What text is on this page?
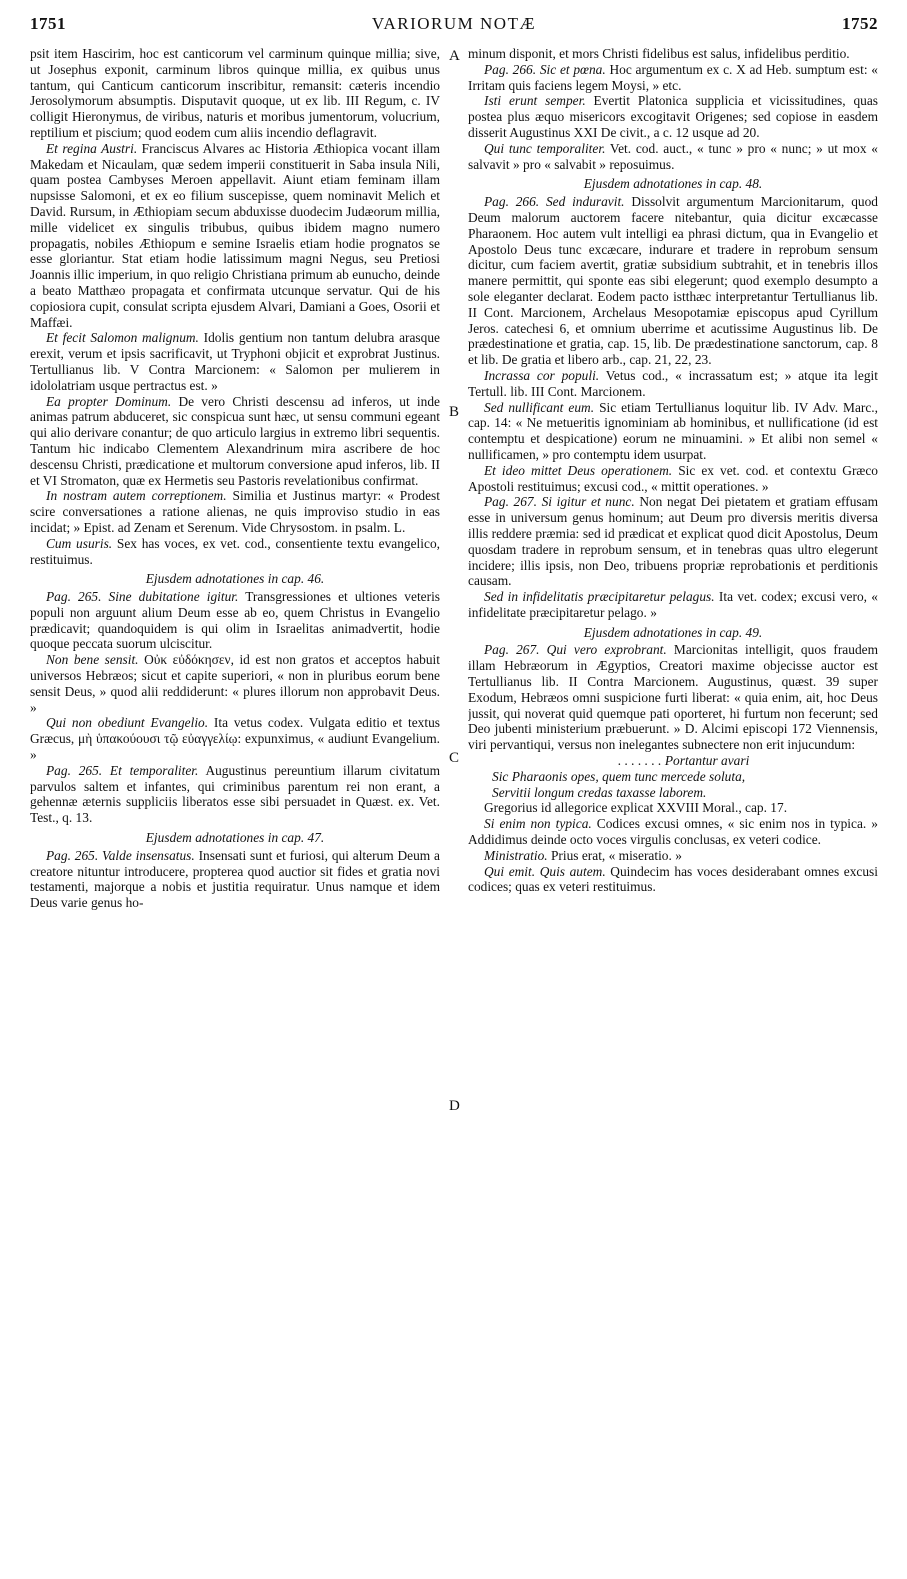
1751	VARIORUM NOTÆ	1752

psit item Hascirim, hoc est canticorum vel carminum quinque millia; sive, ut Josephus exponit, carminum libros quinque millia, ex quibus unus tantum, qui Canticum canticorum inscribitur, remansit: cæteris incendio Jerosolymorum absumptis. Disputavit quoque, ut ex lib. III Regum, c. IV colligit Hieronymus, de viribus, naturis et moribus jumentorum, volucrium, reptilium et piscium; quod eodem cum aliis incendio deflagravit.

Et regina Austri. Franciscus Alvares ac Historia Æthiopica vocant illam Makedam et Nicaulam, quæ sedem imperii constituerit in Saba insula Nili, quam postea Cambyses Meroen appellavit. Aiunt etiam feminam illam nupsisse Salomoni, et ex eo filium suscepisse, quem nominavit Melich et David. Rursum, in Æthiopiam secum abduxisse duodecim Judæorum millia, mille videlicet ex singulis tribubus, quibus ibidem magno numero propagatis, nobiles Æthiopum e semine Israelis etiam hodie prognatos se esse gloriantur. Stat etiam hodie latissimum magni Negus, seu Pretiosi Joannis illic imperium, in quo religio Christiana primum ab eunucho, deinde a beato Matthæo propagata et confirmata utcunque servatur. Qui de his copiosiora cupit, consulat scripta ejusdem Alvari, Damiani a Goes, Osorii et Maffæi.

Et fecit Salomon malignum. Idolis gentium non tantum delubra arasque erexit, verum et ipsis sacrificavit, ut Tryphoni objicit et exprobrat Justinus. Tertullianus lib. V Contra Marcionem: « Salomon per mulierem in idololatriam usque pertractus est. »

Ea propter Dominum. De vero Christi descensu ad inferos, ut inde animas patrum abduceret, sic conspicua sunt hæc, ut sensu communi egeant qui alio derivare conantur; de quo articulo largius in extremo libri sequentis. Tantum hic indicabo Clementem Alexandrinum mira ascribere de hoc descensu Christi, prædicatione et multorum conversione apud inferos, lib. II et VI Stromaton, quæ ex Hermetis seu Pastoris revelationibus confirmat.

In nostram autem correptionem. Similia et Justinus martyr: « Prodest scire conversationes a ratione alienas, ne quis improviso studio in eas incidat; » Epist. ad Zenam et Serenum. Vide Chrysostom. in psalm. L.

Cum usuris. Sex has voces, ex vet. cod., consentiente textu evangelico, restituimus.

Ejusdem adnotationes in cap. 46.

Pag. 265. Sine dubitatione igitur. Transgressiones et ultiones veteris populi non arguunt alium Deum esse ab eo, quem Christus in Evangelio prædicavit; quandoquidem is qui olim in Israelitas animadvertit, hodie quoque peccata suorum ulciscitur.

Non bene sensit. Οὐκ εὐδόκησεν, id est non gratos et acceptos habuit universos Hebræos; sicut et capite superiori, « non in pluribus eorum bene sensit Deus, » quod alii reddiderunt: « plures illorum non approbavit Deus. »

Qui non obediunt Evangelio. Ita vetus codex. Vulgata editio et textus Græcus, μὴ ὑπακούουσι τῷ εὐαγγελίῳ: expunximus, « audiunt Evangelium. »

Pag. 265. Et temporaliter. Augustinus pereuntium illarum civitatum parvulos saltem et infantes, qui criminibus parentum rei non erant, a gehennæ æternis suppliciis liberatos esse sibi persuadet in Quæst. ex. Vet. Test., q. 13.

Ejusdem adnotationes in cap. 47.

Pag. 265. Valde insensatus. Insensati sunt et furiosi, qui alterum Deum a creatore nituntur introducere, propterea quod auctior sit fides et gratia novi testamenti, majorque a nobis et justitia requiratur. Unus namque et idem Deus varie genus ho-

minum disponit, et mors Christi fidelibus est salus, infidelibus perditio.

Pag. 266. Sic et pœna. Hoc argumentum ex c. X ad Heb. sumptum est: « Irritam quis faciens legem Moysi, » etc.

Isti erunt semper. Evertit Platonica supplicia et vicissitudines, quas postea plus æquo misericors excogitavit Origenes; sed copiose in easdem disserit Augustinus XXI De civit., a c. 12 usque ad 20.

Qui tunc temporaliter. Vet. cod. auct., « tunc » pro « nunc; » ut mox « salvavit » pro « salvabit » reposuimus.

Ejusdem adnotationes in cap. 48.

Pag. 266. Sed induravit. Dissolvit argumentum Marcionitarum, quod Deum malorum auctorem facere nitebantur, quia dicitur excæcasse Pharaonem. Hoc autem vult intelligi ea phrasi dictum, qua in Evangelio et Apostolo Deus tunc excæcare, indurare et tradere in reprobum sensum dicitur, cum faciem avertit, gratiæ subsidium subtrahit, et in tenebris illos manere permittit, qui sponte eas sibi elegerunt; quod exemplo desumpto a sole eleganter declarat. Eodem pacto istthæc interpretantur Tertullianus lib. II Cont. Marcionem, Archelaus Mesopotamiæ episcopus apud Cyrillum Jeros. catechesi 6, et omnium uberrime et acutissime Augustinus lib. De prædestinatione et gratia, cap. 15, lib. De prædestinatione sanctorum, cap. 8 et lib. De gratia et libero arb., cap. 21, 22, 23.

Incrassa cor populi. Vetus cod., « incrassatum est; » atque ita legit Tertull. lib. III Cont. Marcionem.

Sed nullificant eum. Sic etiam Tertullianus loquitur lib. IV Adv. Marc., cap. 14: « Ne metueritis ignominiam ab hominibus, et nullificatione (id est contemptu et despicatione) eorum ne minuamini. » Et alibi non semel « nullificamen, » pro contemptu idem usurpat.

Et ideo mittet Deus operationem. Sic ex vet. cod. et contextu Græco Apostoli restituimus; excusi cod., « mittit operationes. »

Pag. 267. Si igitur et nunc. Non negat Dei pietatem et gratiam effusam esse in universum genus hominum; aut Deum pro diversis meritis diversa illis reddere præmia: sed id prædicat et explicat quod dicit Apostolus, Deum quosdam tradere in reprobum sensum, et in tenebras quas ultro elegerunt incidere; illis ipsis, non Deo, tribuens propriæ reprobationis et perditionis causam.

Sed in infidelitatis præcipitaretur pelagus. Ita vet. codex; excusi vero, « infidelitate præcipitaretur pelago. »

Ejusdem adnotationes in cap. 49.

Pag. 267. Qui vero exprobrant. Marcionitas intelligit, quos fraudem illam Hebræorum in Ægyptios, Creatori maxime objecisse auctor est Tertullianus lib. II Contra Marcionem. Augustinus, quæst. 39 super Exodum, Hebræos omni suspicione furti liberat: « quia enim, ait, hoc Deus jussit, qui noverat quid quemque pati oporteret, hi furtum non fecerunt; sed Deo jubenti ministerium præbuerunt. » D. Alcimi episcopi 172 Viennensis, viri pervantiqui, versus non inelegantes subnectere non erit injucundum:

. . . . . . . Portantur avari

Sic Pharaonis opes, quem tunc mercede soluta,

Servitii longum credas taxasse laborem.

Gregorius id allegorice explicat XXVIII Moral., cap. 17.

Si enim non typica. Codices excusi omnes, « sic enim nos in typica. » Addidimus deinde octo voces virgulis conclusas, ex veteri codice.

Ministratio. Prius erat, « miseratio. »

Qui emit. Quis autem. Quindecim has voces desiderabant omnes excusi codices; quas ex veteri restituimus.

A
B
C
D
